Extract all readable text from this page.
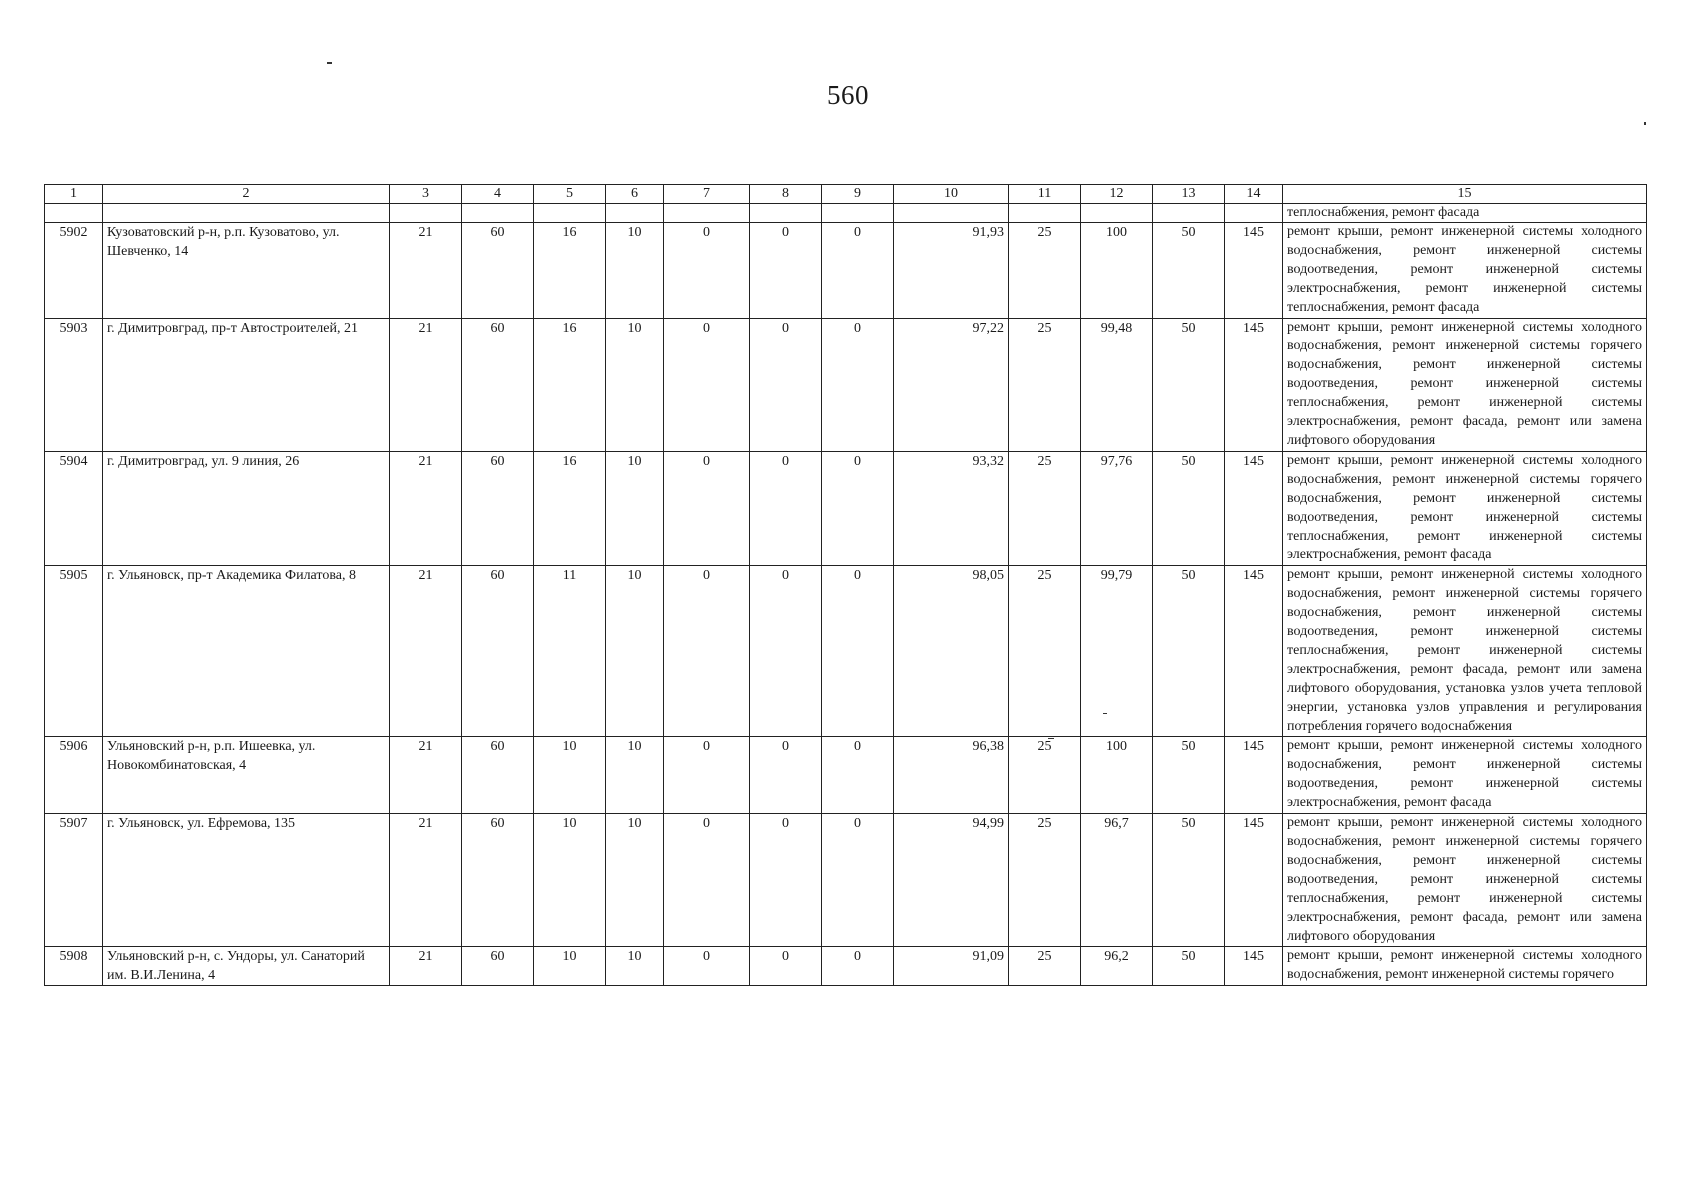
560
1	2	3	4	5	6	7	8	9	10	11	12	13	14	15
														теплоснабжения, ремонт фасада
5902	Кузоватовский р-н, р.п. Кузоватово, ул. Шевченко, 14	21	60	16	10	0	0	0	91,93	25	100	50	145	ремонт крыши, ремонт инженерной системы холодного водоснабжения, ремонт инженерной системы водоотведения, ремонт инженерной системы электроснабжения, ремонт инженерной системы теплоснабжения, ремонт фасада
5903	г. Димитровград, пр-т Автостроителей, 21	21	60	16	10	0	0	0	97,22	25	99,48	50	145	ремонт крыши, ремонт инженерной системы холодного водоснабжения, ремонт инженерной системы горячего водоснабжения, ремонт инженерной системы водоотведения, ремонт инженерной системы теплоснабжения, ремонт инженерной системы электроснабжения, ремонт фасада, ремонт или замена лифтового оборудования
5904	г. Димитровград, ул. 9 линия, 26	21	60	16	10	0	0	0	93,32	25	97,76	50	145	ремонт крыши, ремонт инженерной системы холодного водоснабжения, ремонт инженерной системы горячего водоснабжения, ремонт инженерной системы водоотведения, ремонт инженерной системы теплоснабжения, ремонт инженерной системы электроснабжения, ремонт фасада
5905	г. Ульяновск, пр-т Академика Филатова, 8	21	60	11	10	0	0	0	98,05	25	99,79	50	145	ремонт крыши, ремонт инженерной системы холодного водоснабжения, ремонт инженерной системы горячего водоснабжения, ремонт инженерной системы водоотведения, ремонт инженерной системы теплоснабжения, ремонт инженерной системы электроснабжения, ремонт фасада, ремонт или замена лифтового оборудования, установка узлов учета тепловой энергии, установка узлов управления и регулирования потребления горячего водоснабжения
5906	Ульяновский р-н, р.п. Ишеевка, ул. Новокомбинатовская, 4	21	60	10	10	0	0	0	96,38	25	100	50	145	ремонт крыши, ремонт инженерной системы холодного водоснабжения, ремонт инженерной системы водоотведения, ремонт инженерной системы электроснабжения, ремонт фасада
5907	г. Ульяновск, ул. Ефремова, 135	21	60	10	10	0	0	0	94,99	25	96,7	50	145	ремонт крыши, ремонт инженерной системы холодного водоснабжения, ремонт инженерной системы горячего водоснабжения, ремонт инженерной системы водоотведения, ремонт инженерной системы теплоснабжения, ремонт инженерной системы электроснабжения, ремонт фасада, ремонт или замена лифтового оборудования
5908	Ульяновский р-н, с. Ундоры, ул. Санаторий им. В.И.Ленина, 4	21	60	10	10	0	0	0	91,09	25	96,2	50	145	ремонт крыши, ремонт инженерной системы холодного водоснабжения, ремонт инженерной системы горячего
